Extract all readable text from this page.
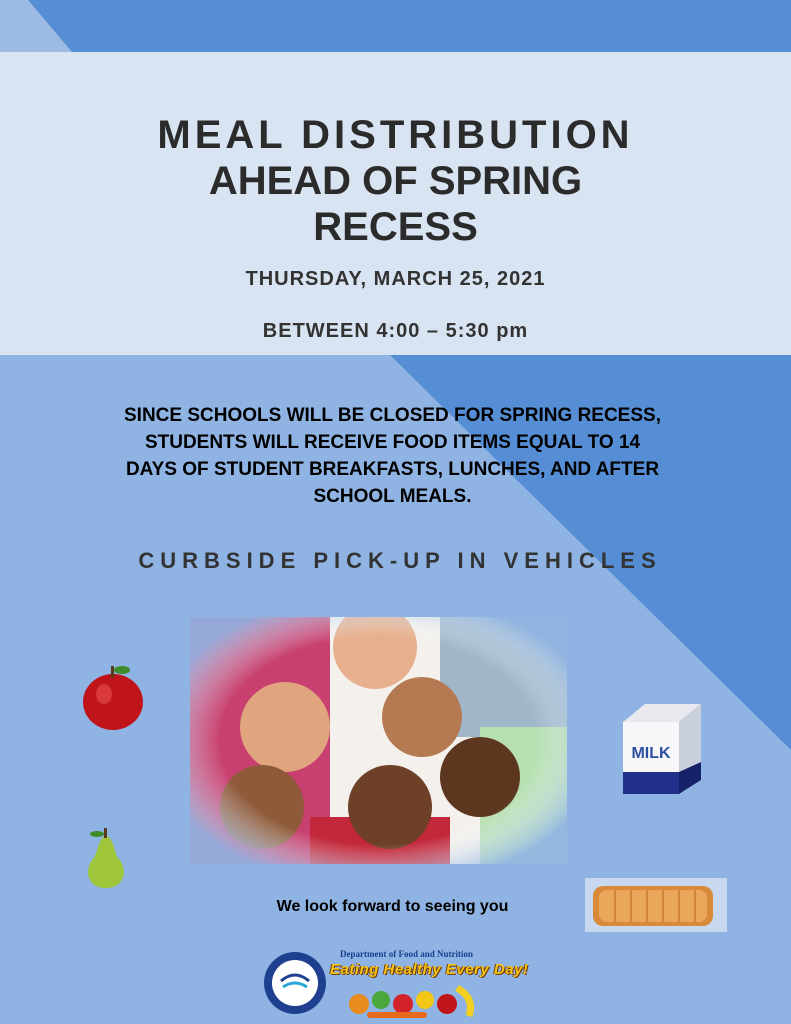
MEAL DISTRIBUTION
AHEAD OF SPRING
RECESS

THURSDAY, MARCH 25, 2021

BETWEEN 4:00 – 5:30 pm

SINCE SCHOOLS WILL BE CLOSED FOR SPRING RECESS,
STUDENTS WILL RECEIVE FOOD ITEMS EQUAL TO 14
DAYS OF STUDENT BREAKFASTS, LUNCHES, AND AFTER
SCHOOL MEALS.

CURBSIDE PICK-UP IN VEHICLES

MILK

We look forward to seeing you

Department of Food and Nutrition

Eating Healthy Every Day!
